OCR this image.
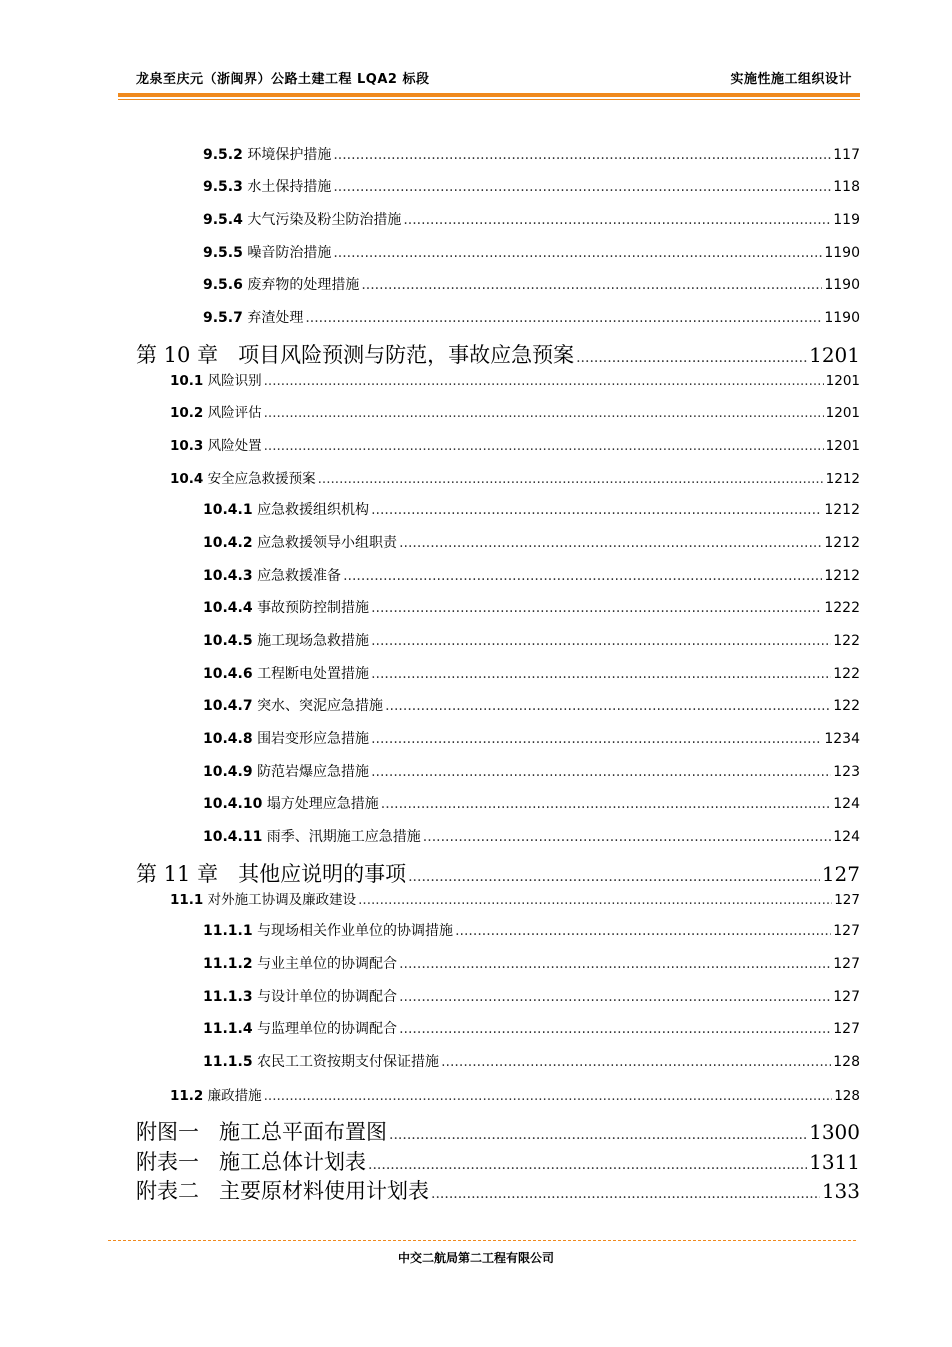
龙泉至庆元（浙闽界）公路土建工程 LQA2 标段	实施性施工组织设计
9.5.2 环境保护措施 .....	117
9.5.3 水土保持措施 .....	118
9.5.4 大气污染及粉尘防治措施 .....	119
9.5.5 噪音防治措施 .....	1190
9.5.6 废弃物的处理措施 .....	1190
9.5.7 弃渣处理 .....	1190
第 10 章 项目风险预测与防范，事故应急预案 .....	1201
10.1 风险识别 .....	1201
10.2 风险评估 .....	1201
10.3 风险处置 .....	1201
10.4 安全应急救援预案 .....	1212
10.4.1 应急救援组织机构 .....	1212
10.4.2 应急救援领导小组职责 .....	1212
10.4.3 应急救援准备 .....	1212
10.4.4 事故预防控制措施 .....	1222
10.4.5 施工现场急救措施 .....	122
10.4.6 工程断电处置措施 .....	122
10.4.7 突水、突泥应急措施 .....	122
10.4.8 围岩变形应急措施 .....	1234
10.4.9 防范岩爆应急措施 .....	123
10.4.10 塌方处理应急措施 .....	124
10.4.11 雨季、汛期施工应急措施 .....	124
第 11 章 其他应说明的事项 .....	127
11.1 对外施工协调及廉政建设 .....	127
11.1.1 与现场相关作业单位的协调措施 .....	127
11.1.2 与业主单位的协调配合 .....	127
11.1.3 与设计单位的协调配合 .....	127
11.1.4 与监理单位的协调配合 .....	127
11.1.5 农民工工资按期支付保证措施 .....	128
11.2 廉政措施 .....	128
附图一 施工总平面布置图 .....	1300
附表一 施工总体计划表 .....	1311
附表二 主要原材料使用计划表 .....	133
中交二航局第二工程有限公司
